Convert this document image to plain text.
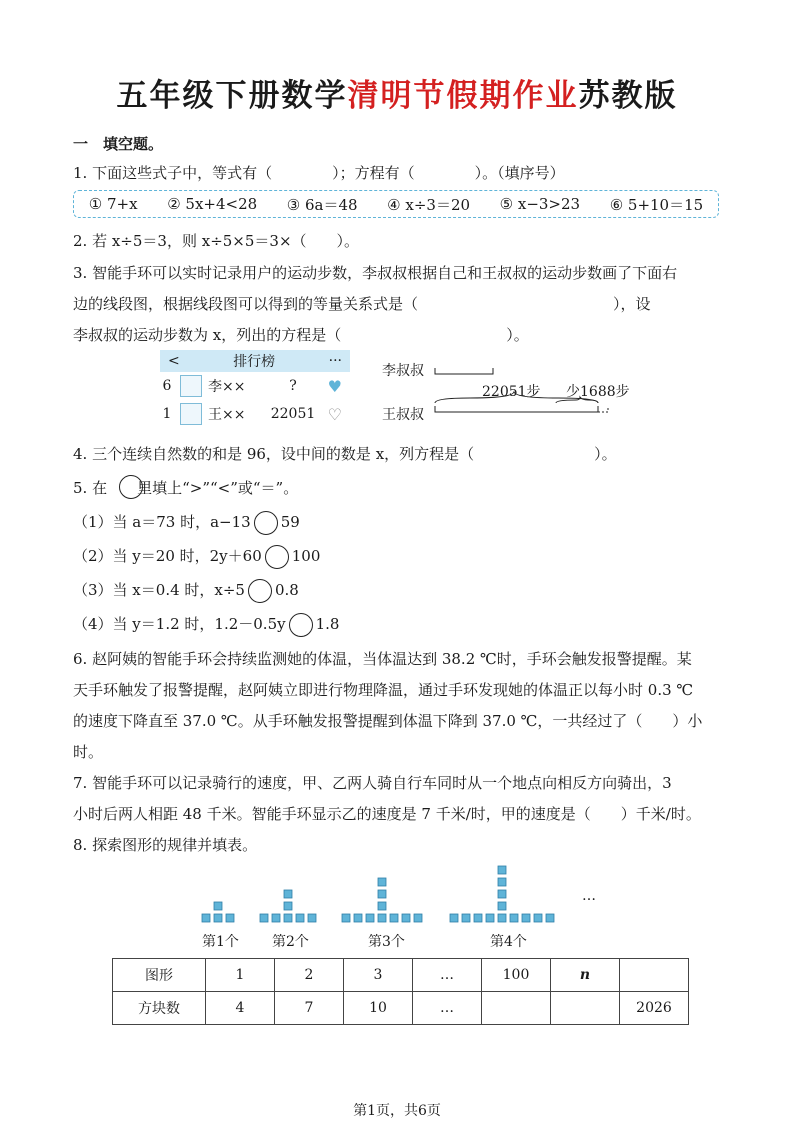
五年级下册数学清明节假期作业苏教版
一　填空题。
1. 下面这些式子中，等式有（　　　　）；方程有（　　　　）。（填序号）
① 7+x ② 5x+4<28 ③ 6a＝48 ④ x÷3＝20 ⑤ x−3>23 ⑥ 5+10＝15
2. 若 x÷5＝3，则 x÷5×5＝3×（　　）。
3. 智能手环可以实时记录用户的运动步数，李叔叔根据自己和王叔叔的运动步数画了下面右
边的线段图，根据线段图可以得到的等量关系式是（　　　　　　　　　　　　　），设
李叔叔的运动步数为 x，列出的方程是（　　　　　　　　　　　）。
<	排行榜	···
6	李××	?	♥
1	王××	22051 ♡
李叔叔
王叔叔
22051步 少1688步
4. 三个连续自然数的和是 96，设中间的数是 x，列方程是（　　　　　　　　）。
5. 在　　里填上“>”“<”或“＝”。
（1）当 a＝73 时，a−13 59
（2）当 y＝20 时，2y＋60 100
（3）当 x＝0.4 时，x÷5 0.8
（4）当 y＝1.2 时，1.2－0.5y 1.8
6. 赵阿姨的智能手环会持续监测她的体温，当体温达到 38.2 ℃时，手环会触发报警提醒。某
天手环触发了报警提醒，赵阿姨立即进行物理降温，通过手环发现她的体温正以每小时 0.3 ℃
的速度下降直至 37.0 ℃。从手环触发报警提醒到体温下降到 37.0 ℃，一共经过了（　　）小
时。
7. 智能手环可以记录骑行的速度，甲、乙两人骑自行车同时从一个地点向相反方向骑出，3
小时后两人相距 48 千米。智能手环显示乙的速度是 7 千米/时，甲的速度是（　　）千米/时。
8. 探索图形的规律并填表。
…
第1个 第2个	第3个	第4个
图形	1	2	3	…	100	n	
方块数	4	7	10	…			2026
第1页，共6页
